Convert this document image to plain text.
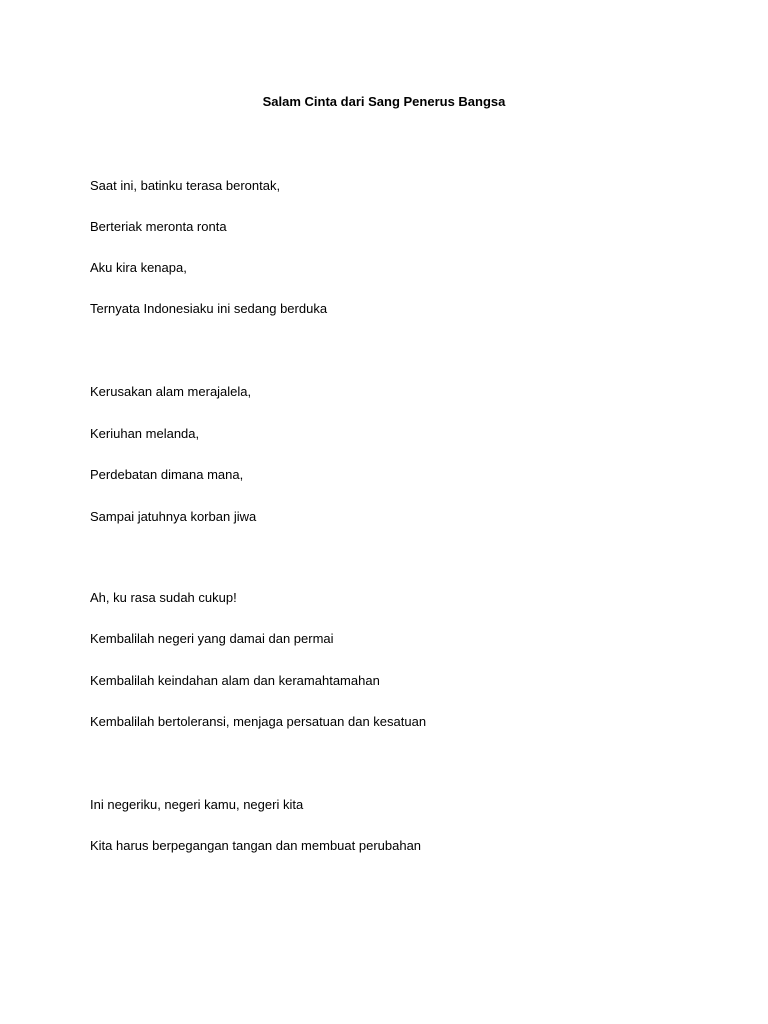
Salam Cinta dari Sang Penerus Bangsa
Saat ini, batinku terasa berontak,
Berteriak meronta ronta
Aku kira kenapa,
Ternyata Indonesiaku ini sedang berduka
Kerusakan alam merajalela,
Keriuhan melanda,
Perdebatan dimana mana,
Sampai jatuhnya korban jiwa
Ah, ku rasa sudah cukup!
Kembalilah negeri yang damai dan permai
Kembalilah keindahan alam dan keramahtamahan
Kembalilah bertoleransi, menjaga persatuan dan kesatuan
Ini negeriku, negeri kamu, negeri kita
Kita harus berpegangan tangan dan membuat perubahan
